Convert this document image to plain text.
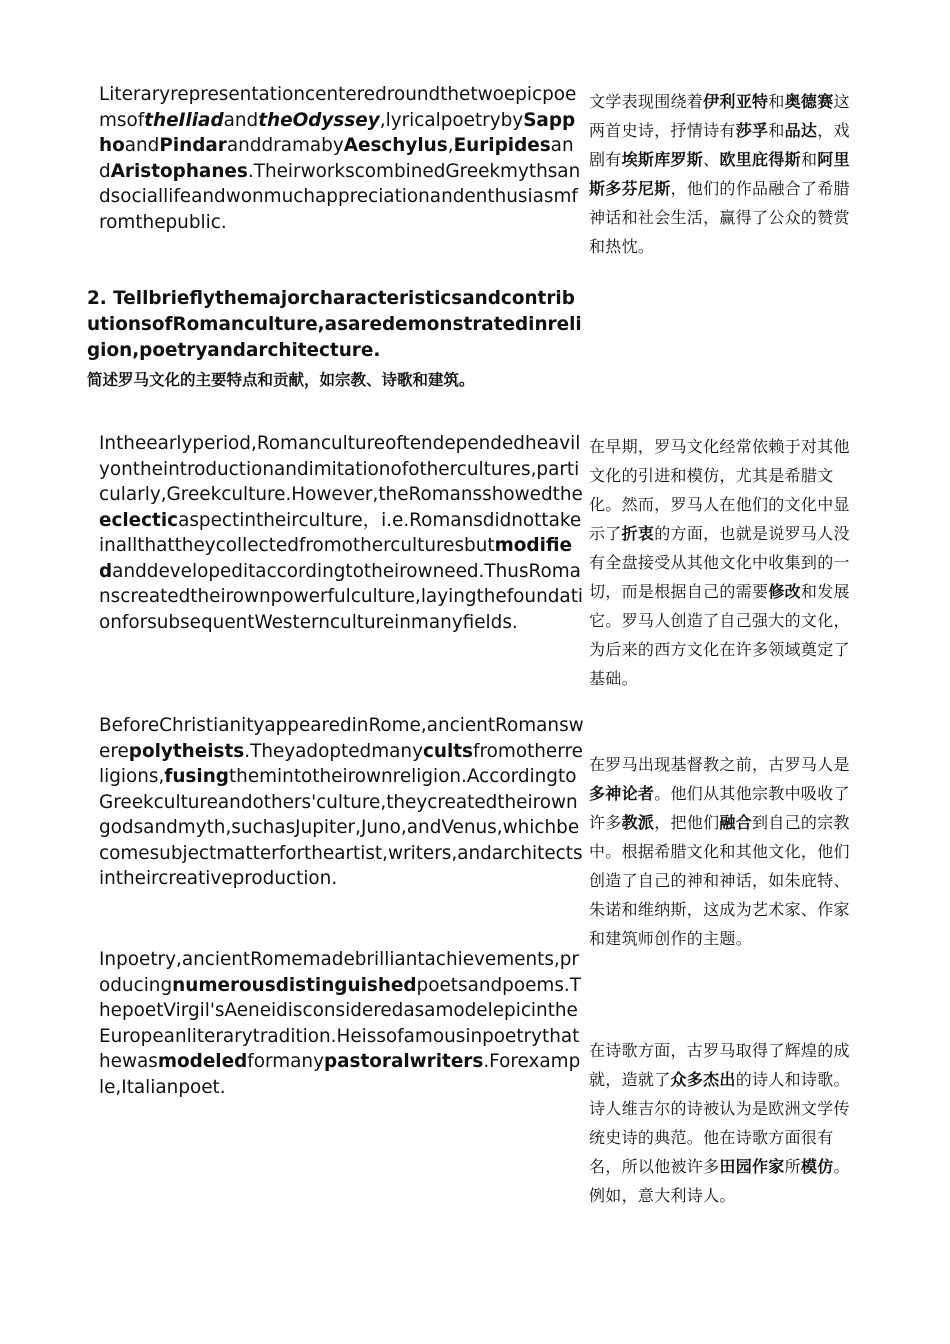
LiteraryrepresentationcenteredroundthetwoepicpoemsoftheIliadandtheOdyssey,lyricalpoetrybySapphoandPindaranddramabyAeschylus,EuripidesandAristophanes.TheirworkscombinedGreekmythsandsociallifeandwonmuchappreciationandenthusiasmfromthepublic.
文学表现围绕着伊利亚特和奥德赛这两首史诗，抒情诗有莎孚和品达，戏剧有埃斯库罗斯、欧里庇得斯和阿里斯多芬尼斯，他们的作品融合了希腊神话和社会生活，赢得了公众的赞赏和热忱。
2. TellbrieflythemajorcharacteristicsandcontributionsofRomanculture,asaredemonstratedinreligion,poetryandarchitecture.
简述罗马文化的主要特点和贡献，如宗教、诗歌和建筑。
Intheearlyperiod,Romancultureoftendependedheavilyontheintroductionandimitationofothercultures,particularly,Greekculture.However,theRomansshowedtheeclecticaspectintheirculture，i.e.Romansdidnottakeinallthattheycollectedfromotherculturesbutmodifiedanddevelopeditaccordingtotheirowneed.ThusRomanscreatedtheirownpowerfulculture,layingthefoundationforsubsequentWesterncultureinmanyfields.
在早期，罗马文化经常依赖于对其他文化的引进和模仿，尤其是希腊文化。然而，罗马人在他们的文化中显示了折衷的方面，也就是说罗马人没有全盘接受从其他文化中收集到的一切，而是根据自己的需要修改和发展它。罗马人创造了自己强大的文化，为后来的西方文化在许多领域奠定了基础。
BeforeChristianityappearedinRome,ancientRomanswerepolytheists.Theyadoptedmanycultsfromotherreligions,fusingthemintotheirownreligion.AccordingtoGreekcultureandothers'culture,theycreatedtheirowngodsandmyth,suchasJupiter,Juno,andVenus,whichbecomesubjectmatterfortheartist,writers,andarchitectsintheircreativeproduction.
在罗马出现基督教之前，古罗马人是多神论者。他们从其他宗教中吸收了许多教派，把他们融合到自己的宗教中。根据希腊文化和其他文化，他们创造了自己的神和神话，如朱庇特、朱诺和维纳斯，这成为艺术家、作家和建筑师创作的主题。
Inpoetry,ancientRomemadebrilliantachievements,producingnumerousdistinguishedpoetsandpoems.ThepoetVirgil'sAeneidisconsideredasamodelepicintheEuropeanliterarytradition.Heissofamousinpoetrythathewasmodeledformanypastoralwriters.Forexample,Italianpoet.
在诗歌方面，古罗马取得了辉煌的成就，造就了众多杰出的诗人和诗歌。诗人维吉尔的诗被认为是欧洲文学传统史诗的典范。他在诗歌方面很有名，所以他被许多田园作家所模仿。例如，意大利诗人。
